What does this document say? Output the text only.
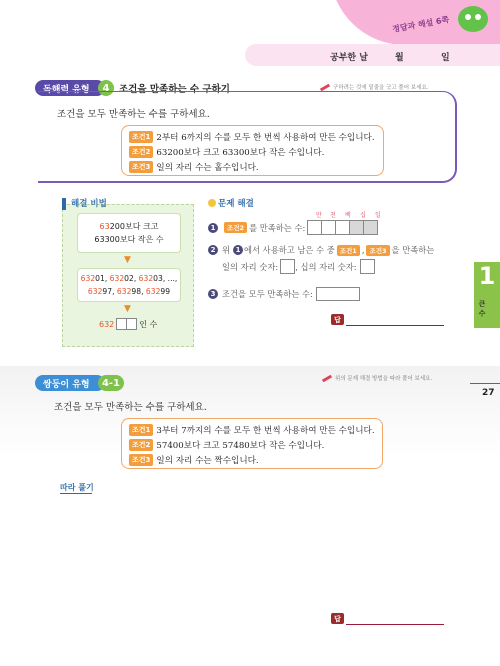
정답과 해설 6쪽
공부한 날	월	일
독해력 유형	4	조건을 만족하는 수 구하기	구하려는 것에 밑줄을 긋고 풀어 보세요.
조건을 모두 만족하는 수를 구하세요.
조건1 2부터 6까지의 수를 모두 한 번씩 사용하여 만든 수입니다.
조건2 63200보다 크고 63300보다 작은 수입니다.
조건3 일의 자리 수는 홀수입니다.
해결 비법
63200보다 크고
63300보다 작은 수
▼
63201, 63202, 63203, ...,
63297, 63298, 63299
▼
632	인 수
문제 해결
만 천 백 십 일
1	조건2 를 만족하는 수:
2 위 1 에서 사용하고 남은 수 중 조건1 , 조건3 을 만족하는
일의 자리 숫자: , 십의 자리 숫자:
3 조건을 모두 만족하는 수:
답
1
큰 수
27
쌍둥이 유형	4-1	위의 문제 해결 방법을 따라 풀어 보세요.
조건을 모두 만족하는 수를 구하세요.
조건1 3부터 7까지의 수를 모두 한 번씩 사용하여 만든 수입니다.
조건2 57400보다 크고 57480보다 작은 수입니다.
조건3 일의 자리 수는 짝수입니다.
따라 풀기
답
